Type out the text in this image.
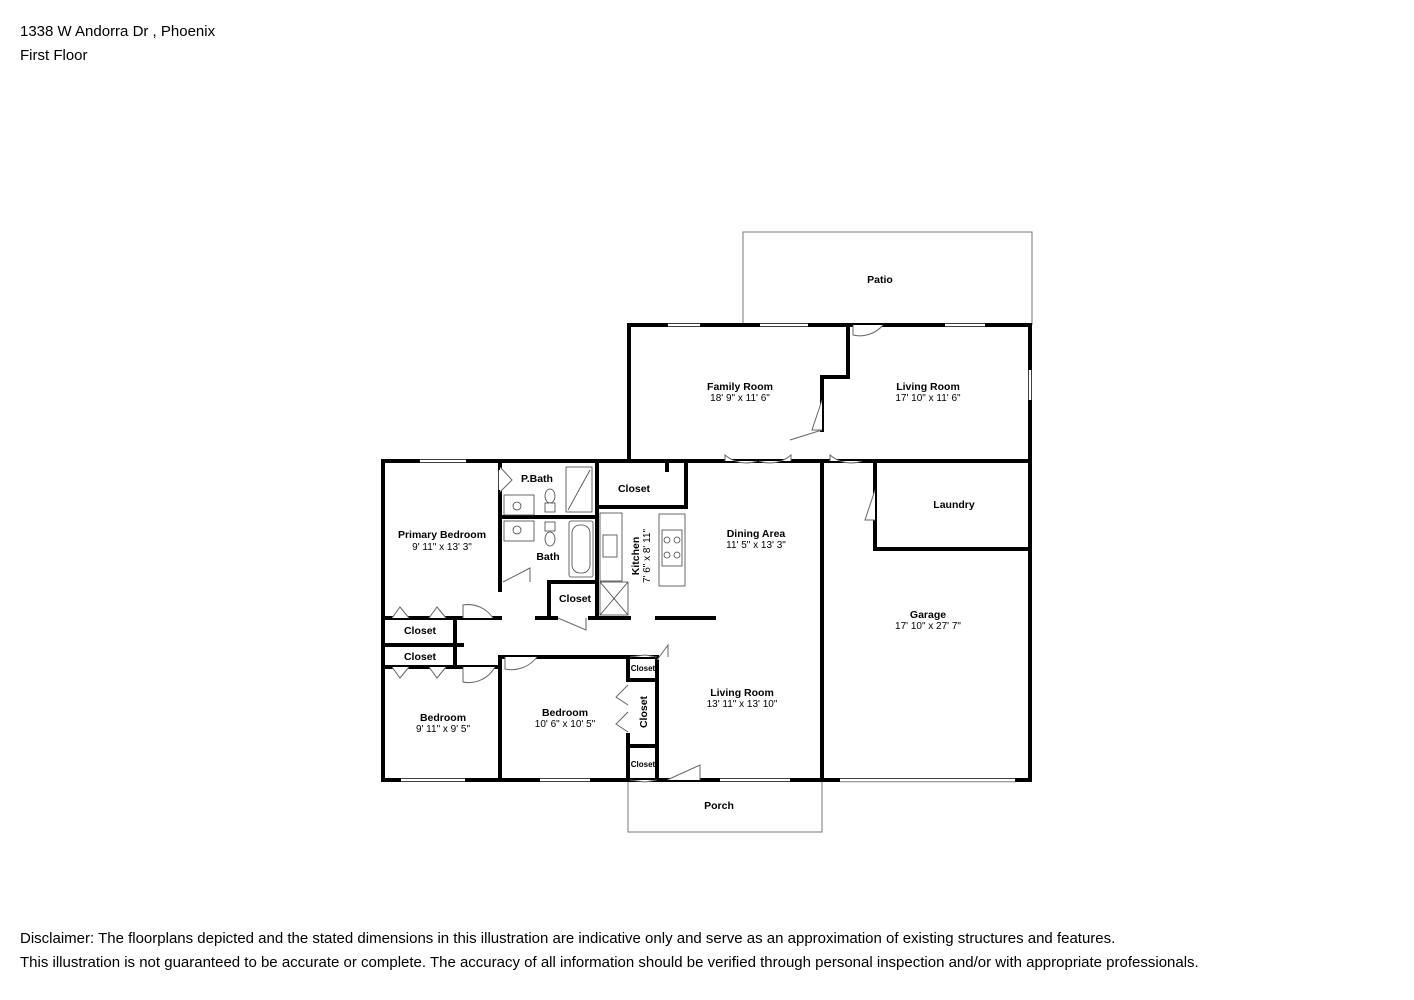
1338 W Andorra Dr , Phoenix
First Floor
Patio
Family Room
18' 9" x 11' 6"
Living Room
17' 10" x 11' 6"
P.Bath
Closet
Laundry
Primary Bedroom
9' 11" x 13' 3"	Kitchen 7' 6" x 8' 11"	Dining Area
11' 5" x 13' 3"
Bath
Closet
Garage
17' 10" x 27' 7"
Closet
Closet
Closet
Closet
Closet
Bedroom
10' 6" x 10' 5"
Living Room
13' 11" x 13' 10"
Bedroom
9' 11" x 9' 5"
Porch
Disclaimer: The floorplans depicted and the stated dimensions in this illustration are indicative only and serve as an approximation of existing structures and features.
This illustration is not guaranteed to be accurate or complete. The accuracy of all information should be verified through personal inspection and/or with appropriate professionals.
